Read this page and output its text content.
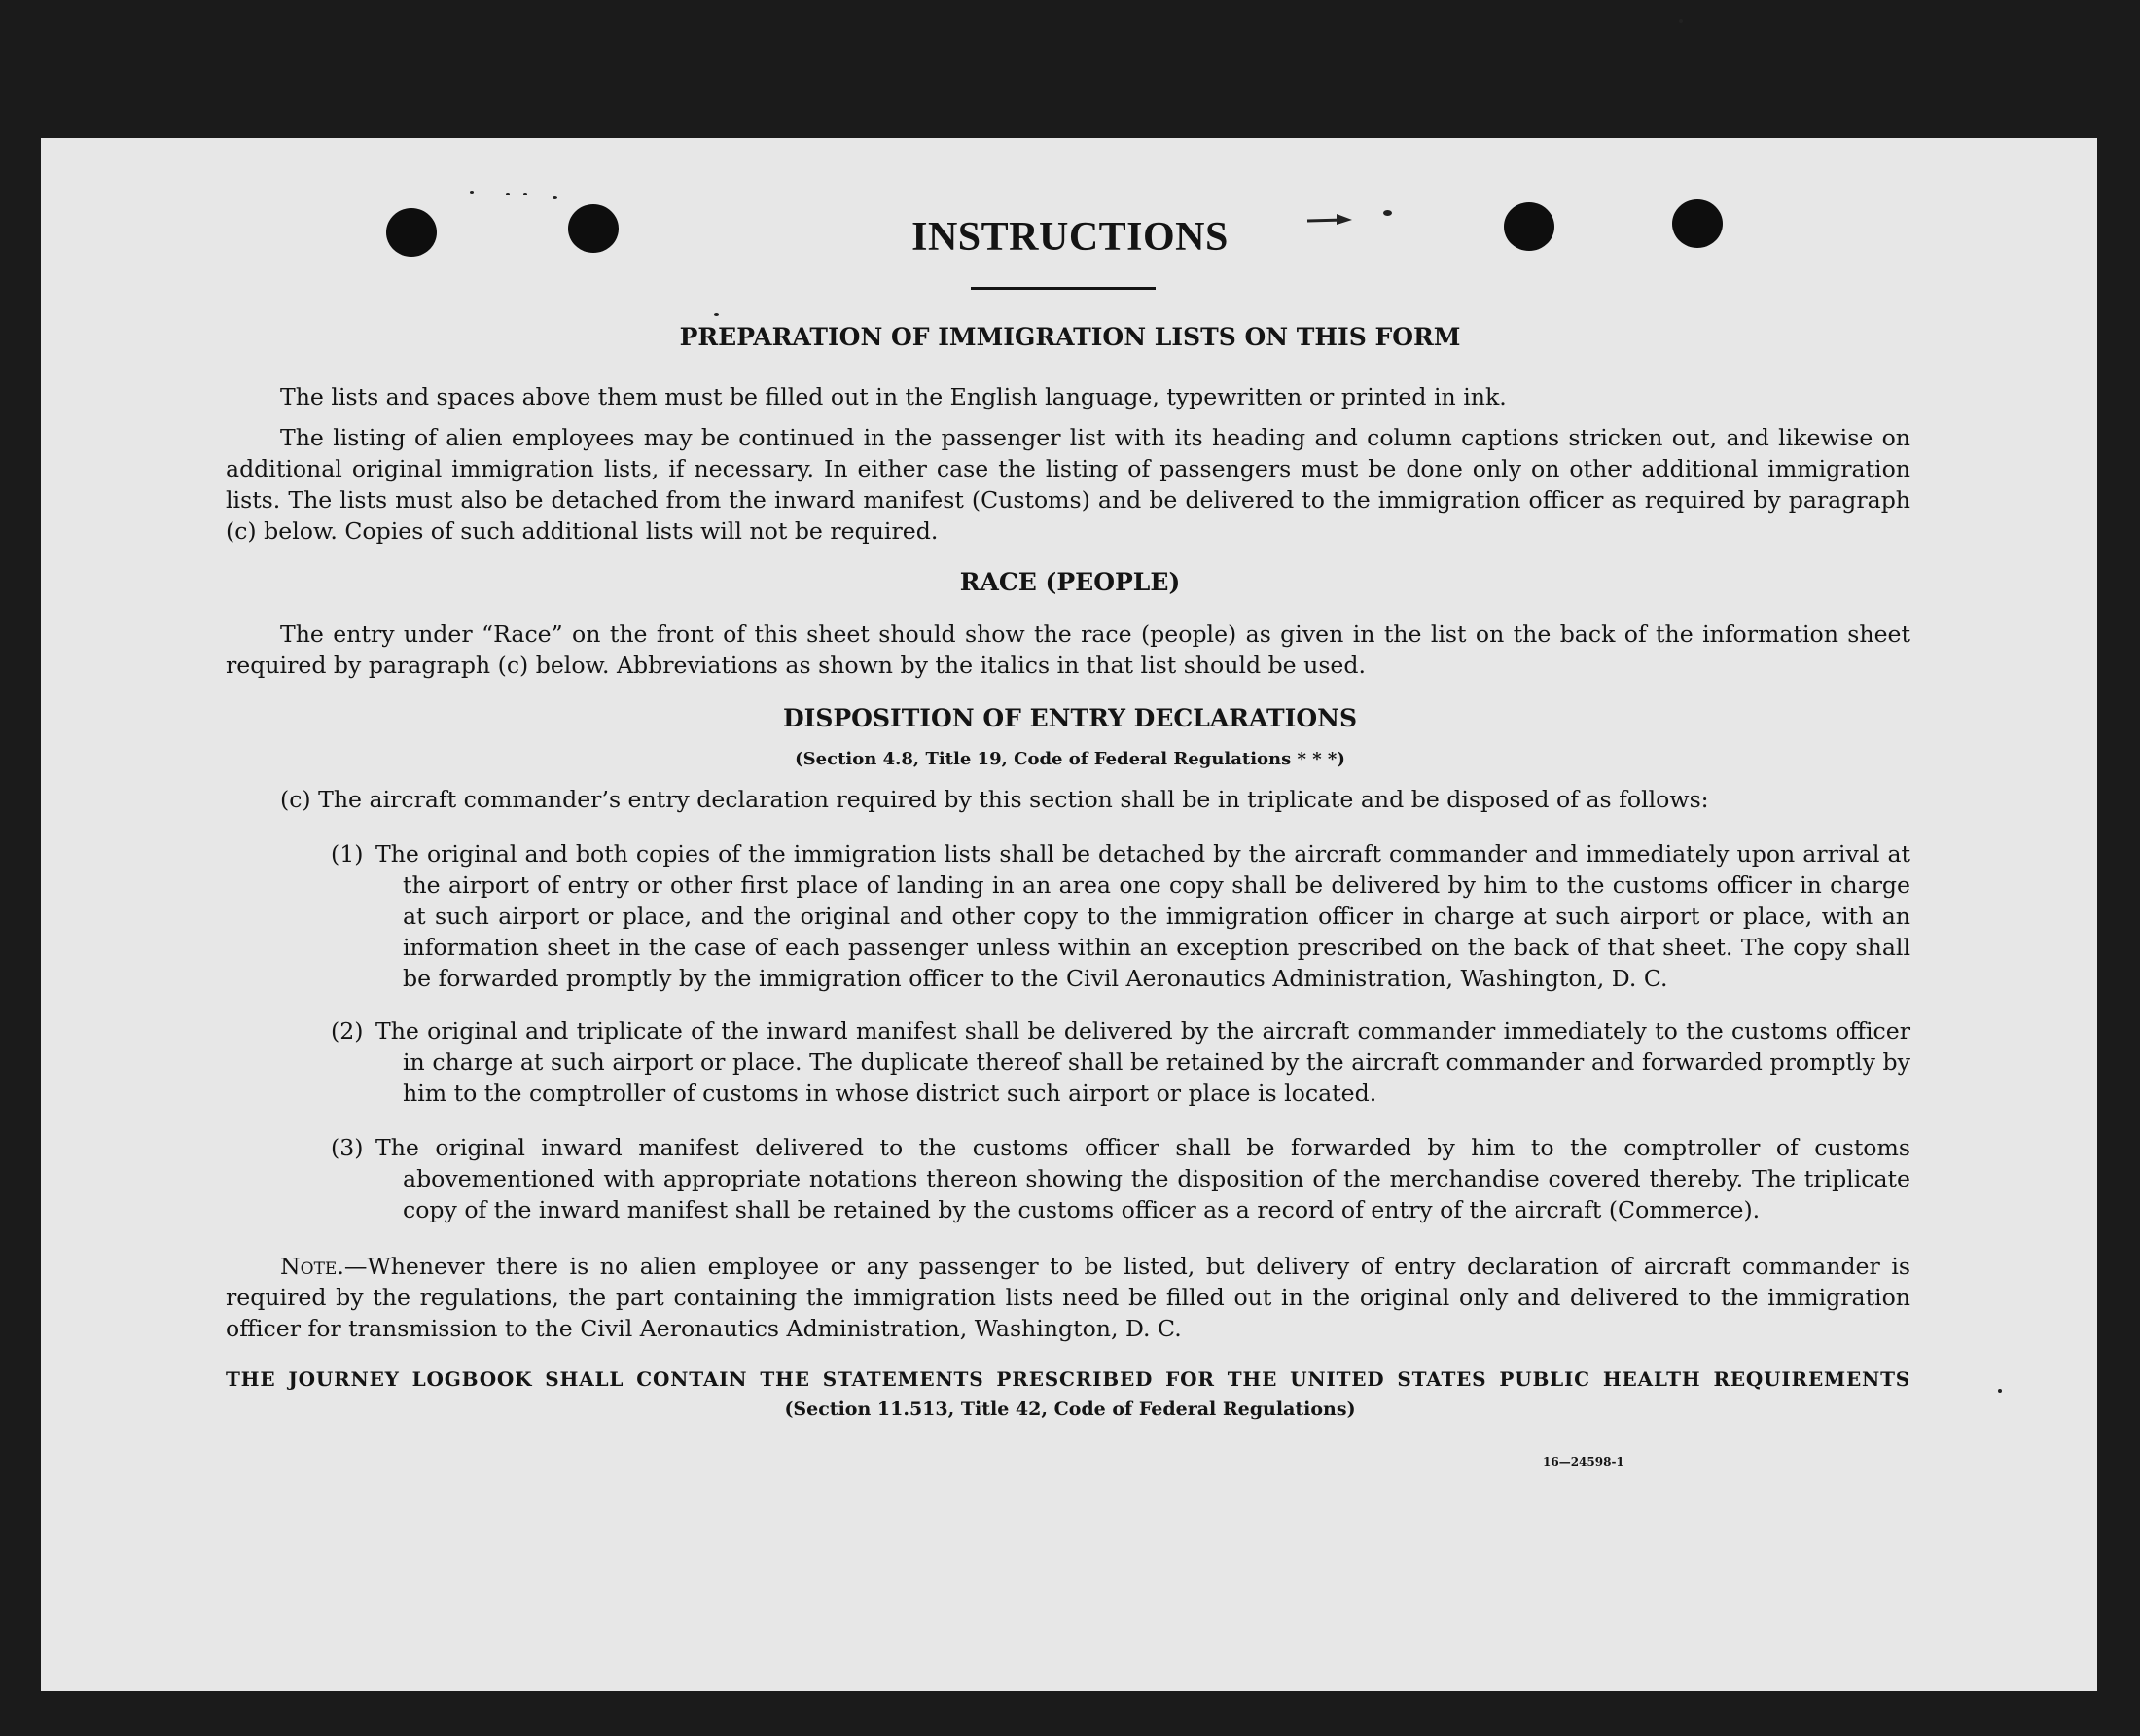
INSTRUCTIONS
PREPARATION OF IMMIGRATION LISTS ON THIS FORM
The lists and spaces above them must be filled out in the English language, typewritten or printed in ink.
The listing of alien employees may be continued in the passenger list with its heading and column captions stricken out, and likewise on additional original immigration lists, if necessary. In either case the listing of passengers must be done only on other additional immigration lists. The lists must also be detached from the inward manifest (Customs) and be delivered to the immigration officer as required by paragraph (c) below. Copies of such additional lists will not be required.
RACE (PEOPLE)
The entry under “Race” on the front of this sheet should show the race (people) as given in the list on the back of the information sheet required by paragraph (c) below. Abbreviations as shown by the italics in that list should be used.
DISPOSITION OF ENTRY DECLARATIONS
(Section 4.8, Title 19, Code of Federal Regulations * * *)
(c) The aircraft commander’s entry declaration required by this section shall be in triplicate and be disposed of as follows:
(1) The original and both copies of the immigration lists shall be detached by the aircraft commander and immediately upon arrival at the airport of entry or other first place of landing in an area one copy shall be delivered by him to the customs officer in charge at such airport or place, and the original and other copy to the immigration officer in charge at such airport or place, with an information sheet in the case of each passenger unless within an exception prescribed on the back of that sheet. The copy shall be forwarded promptly by the immigration officer to the Civil Aeronautics Administration, Washington, D. C.
(2) The original and triplicate of the inward manifest shall be delivered by the aircraft commander immediately to the customs officer in charge at such airport or place. The duplicate thereof shall be retained by the aircraft commander and forwarded promptly by him to the comptroller of customs in whose district such airport or place is located.
(3) The original inward manifest delivered to the customs officer shall be forwarded by him to the comptroller of customs abovementioned with appropriate notations thereon showing the disposition of the merchandise covered thereby. The triplicate copy of the inward manifest shall be retained by the customs officer as a record of entry of the aircraft (Commerce).
Note.—Whenever there is no alien employee or any passenger to be listed, but delivery of entry declaration of aircraft commander is required by the regulations, the part containing the immigration lists need be filled out in the original only and delivered to the immigration officer for transmission to the Civil Aeronautics Administration, Washington, D. C.
THE JOURNEY LOGBOOK SHALL CONTAIN THE STATEMENTS PRESCRIBED FOR THE UNITED STATES PUBLIC HEALTH REQUIREMENTS
(Section 11.513, Title 42, Code of Federal Regulations)
16—24598-1
